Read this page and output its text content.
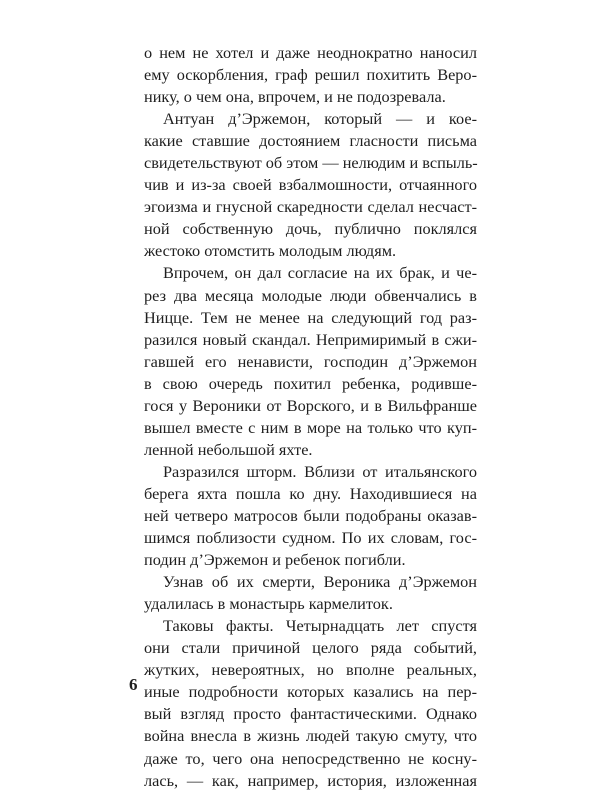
о нем не хотел и даже неоднократно наносил
ему оскорбления, граф решил похитить Веро-
нику, о чем она, впрочем, и не подозревала.

Антуан д’Эржемон, который — и кое-
какие ставшие достоянием гласности письма
свидетельствуют об этом — нелюдим и вспыль-
чив и из-за своей взбалмошности, отчаянного
эгоизма и гнусной скаредности сделал несчаст-
ной собственную дочь, публично поклялся
жестоко отомстить молодым людям.

Впрочем, он дал согласие на их брак, и че-
рез два месяца молодые люди обвенчались в
Ницце. Тем не менее на следующий год раз-
разился новый скандал. Непримиримый в сжи-
гавшей его ненависти, господин д’Эржемон
в свою очередь похитил ребенка, родивше-
гося у Вероники от Ворского, и в Вильфранше
вышел вместе с ним в море на только что куп-
ленной небольшой яхте.

Разразился шторм. Вблизи от итальянского
берега яхта пошла ко дну. Находившиеся на
ней четверо матросов были подобраны оказав-
шимся поблизости судном. По их словам, гос-
подин д’Эржемон и ребенок погибли.

Узнав об их смерти, Вероника д’Эржемон
удалилась в монастырь кармелиток.

Таковы факты. Четырнадцать лет спустя
они стали причиной целого ряда событий,
жутких, невероятных, но вполне реальных,
иные подробности которых казались на пер-
вый взгляд просто фантастическими. Однако
война внесла в жизнь людей такую смуту, что
даже то, чего она непосредственно не косну-
лась, — как, например, история, изложенная

6
